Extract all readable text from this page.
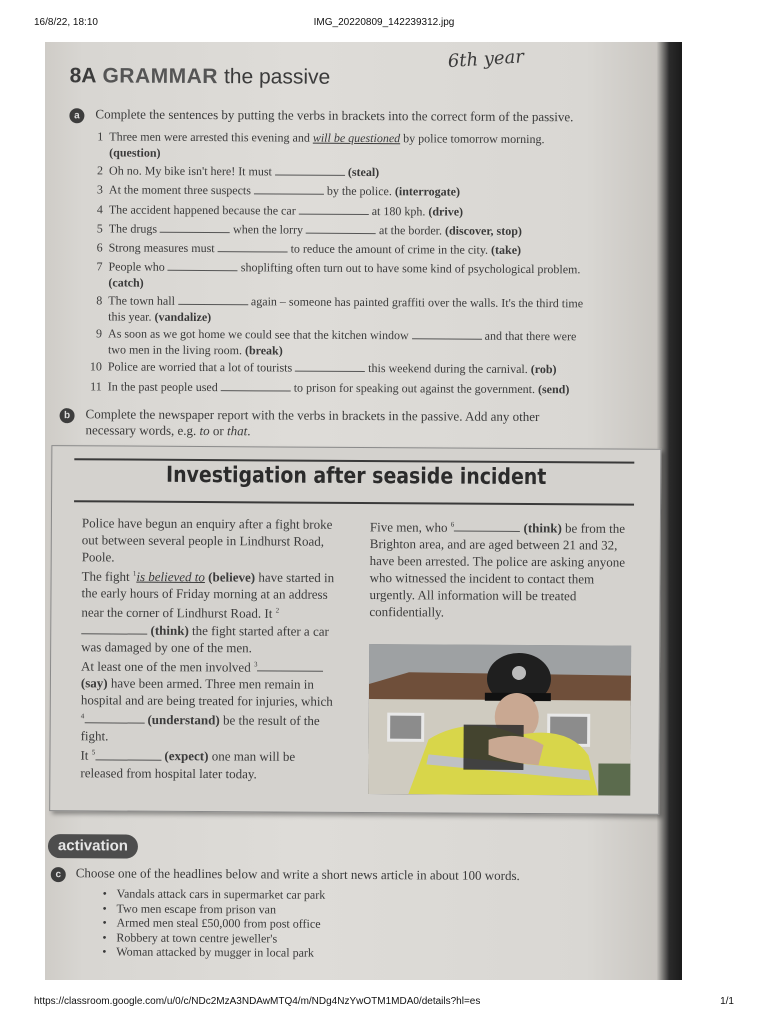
16/8/22, 18:10	IMG_20220809_142239312.jpg
6th year
8A GRAMMAR the passive
a	Complete the sentences by putting the verbs in brackets into the correct form of the passive.
1 Three men were arrested this evening and will be questioned by police tomorrow morning.
(question)
2 Oh no. My bike isn't here! It must	(steal)
3 At the moment three suspects	by the police. (interrogate)
4 The accident happened because the car	at 180 kph. (drive)
5 The drugs	when the lorry	at the border. (discover, stop)
6 Strong measures must	to reduce the amount of crime in the city. (take)
7 People who	shoplifting often turn out to have some kind of psychological problem.
(catch)
8 The town hall	again – someone has painted graffiti over the walls. It's the third time
this year. (vandalize)
9 As soon as we got home we could see that the kitchen window	and that there were
two men in the living room. (break)
10 Police are worried that a lot of tourists	this weekend during the carnival. (rob)
11 In the past people used	to prison for speaking out against the government. (send)
b	Complete the newspaper report with the verbs in brackets in the passive. Add any other
necessary words, e.g. to or that.
Investigation after seaside incident
Police have begun an enquiry after a fight broke out between several people in Lindhurst Road, Poole.
The fight $^1$is believed to (believe) have started in the early hours of Friday morning at an address near the corner of Lindhurst Road. It $^2$ (think) the fight started after a car was damaged by one of the men.
At least one of the men involved $^3$ (say) have been armed. Three men remain in hospital and are being treated for injuries, which $^4$	(understand) be the result of the fight.
It $^5$	(expect) one man will be released from hospital later today.
Five men, who $^6$	(think) be from the Brighton area, and are aged between 21 and 32, have been arrested. The police are asking anyone who witnessed the incident to contact them urgently. All information will be treated confidentially.
activation
c	Choose one of the headlines below and write a short news article in about 100 words.
• Vandals attack cars in supermarket car park
• Two men escape from prison van
• Armed men steal £50,000 from post office
• Robbery at town centre jeweller's
• Woman attacked by mugger in local park
https://classroom.google.com/u/0/c/NDc2MzA3NDAwMTQ4/m/NDg4NzYwOTM1MDA0/details?hl=es	1/1
